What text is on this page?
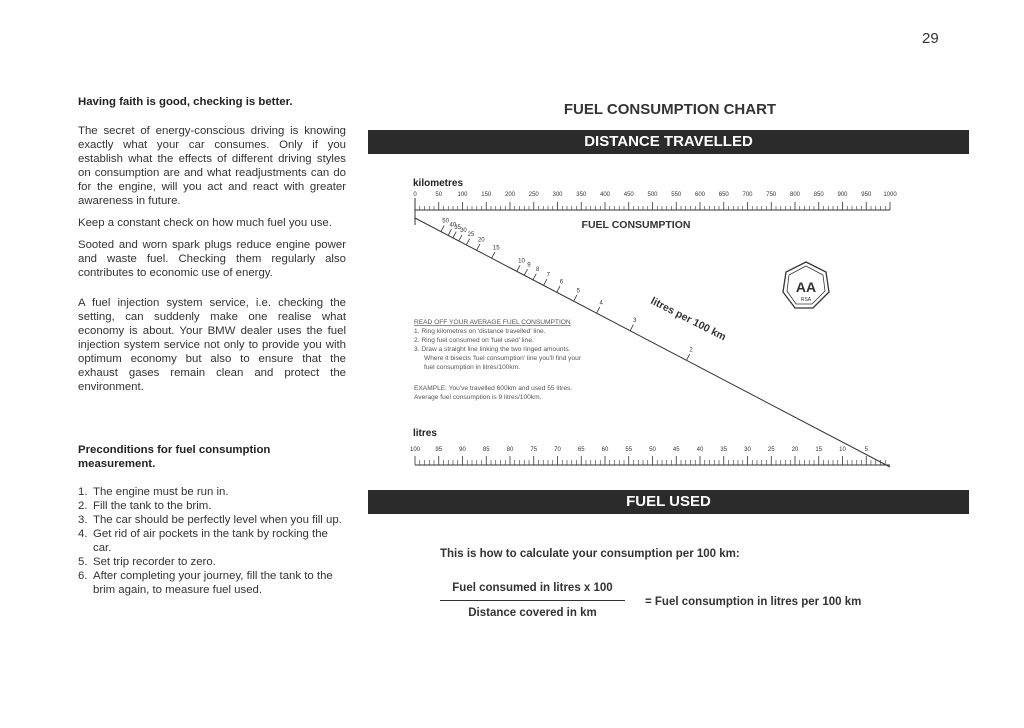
29
Having faith is good, checking is better.

The secret of energy-conscious driving is knowing exactly what your car consumes. Only if you establish what the effects of different driving styles on consumption are and what readjustments can do for the engine, will you act and react with greater awareness in future.

Keep a constant check on how much fuel you use.

Sooted and worn spark plugs reduce engine power and waste fuel. Checking them regularly also contributes to economic use of energy.

A fuel injection system service, i.e. checking the setting, can suddenly make one realise what economy is about. Your BMW dealer uses the fuel injection system service not only to provide you with optimum economy but also to ensure that the exhaust gases remain clean and protect the environment.

Preconditions for fuel consumption measurement.
1. The engine must be run in.
2. Fill the tank to the brim.
3. The car should be perfectly level when you fill up.
4. Get rid of air pockets in the tank by rocking the car.
5. Set trip recorder to zero.
6. After completing your journey, fill the tank to the brim again, to measure fuel used.
FUEL CONSUMPTION CHART
DISTANCE TRAVELLED
kilometres
0	50	100 150 200 250 300 350 400 450 500 550 600 650 700 750 800 850 900 950 1000
FUEL CONSUMPTION
50
40
35
30
25
20
15
10
9
8
7
6
5
4
3
2
litres per 100 km
AA
RSA
READ OFF YOUR AVERAGE FUEL CONSUMPTION
1. Ring kilometres on 'distance travelled' line.
2. Ring fuel consumed on 'fuel used' line.
3. Draw a straight line linking the two ringed amounts.
Where it bisects 'fuel consumption' line you'll find your
fuel consumption in litres/100km.
EXAMPLE: You've travelled 600km and used 55 litres.
Average fuel consumption is 9 litres/100km.
litres
100	95	90	85	80	75	70	65	60	55	50	45	40	35	30	25	20	15	10	5
FUEL USED
This is how to calculate your consumption per 100 km:
Fuel consumed in litres x 100
Distance covered in km
= Fuel consumption in litres per 100 km
